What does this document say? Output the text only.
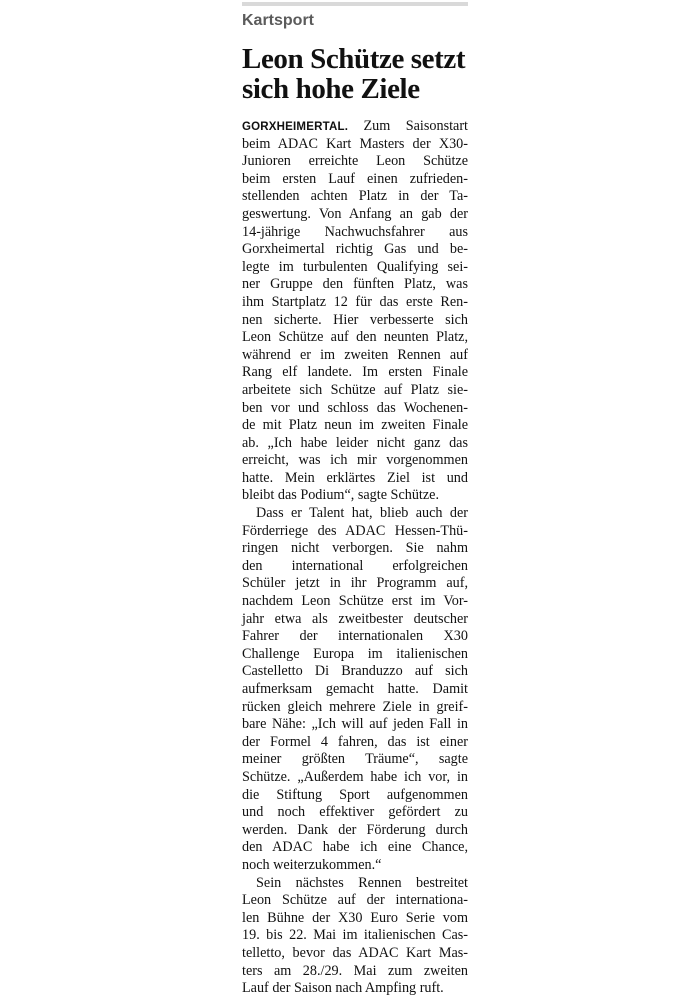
Kartsport
Leon Schütze setzt
sich hohe Ziele
GORXHEIMERTAL. Zum Saisonstart
beim ADAC Kart Masters der X30-
Junioren erreichte Leon Schütze
beim ersten Lauf einen zufrieden-
stellenden achten Platz in der Ta-
geswertung. Von Anfang an gab der
14-jährige Nachwuchsfahrer aus
Gorxheimertal richtig Gas und be-
legte im turbulenten Qualifying sei-
ner Gruppe den fünften Platz, was
ihm Startplatz 12 für das erste Ren-
nen sicherte. Hier verbesserte sich
Leon Schütze auf den neunten Platz,
während er im zweiten Rennen auf
Rang elf landete. Im ersten Finale
arbeitete sich Schütze auf Platz sie-
ben vor und schloss das Wochenen-
de mit Platz neun im zweiten Finale
ab. „Ich habe leider nicht ganz das
erreicht, was ich mir vorgenommen
hatte. Mein erklärtes Ziel ist und
bleibt das Podium“, sagte Schütze.
Dass er Talent hat, blieb auch der
Förderriege des ADAC Hessen-Thü-
ringen nicht verborgen. Sie nahm
den international erfolgreichen
Schüler jetzt in ihr Programm auf,
nachdem Leon Schütze erst im Vor-
jahr etwa als zweitbester deutscher
Fahrer der internationalen X30
Challenge Europa im italienischen
Castelletto Di Branduzzo auf sich
aufmerksam gemacht hatte. Damit
rücken gleich mehrere Ziele in greif-
bare Nähe: „Ich will auf jeden Fall in
der Formel 4 fahren, das ist einer
meiner größten Träume“, sagte
Schütze. „Außerdem habe ich vor, in
die Stiftung Sport aufgenommen
und noch effektiver gefördert zu
werden. Dank der Förderung durch
den ADAC habe ich eine Chance,
noch weiterzukommen.“
Sein nächstes Rennen bestreitet
Leon Schütze auf der internationa-
len Bühne der X30 Euro Serie vom
19. bis 22. Mai im italienischen Cas-
telletto, bevor das ADAC Kart Mas-
ters am 28./29. Mai zum zweiten
Lauf der Saison nach Ampfing ruft.
